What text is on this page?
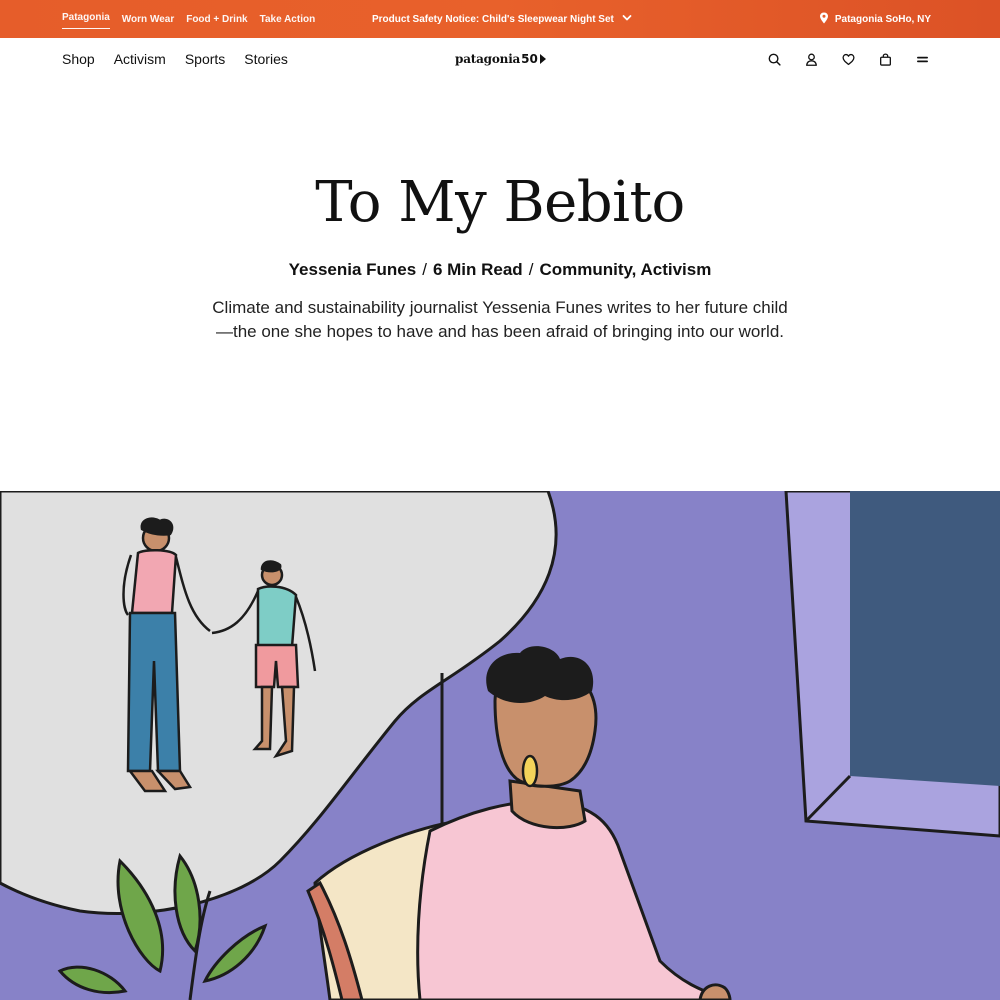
Patagonia Worn Wear Food + Drink Take Action	Product Safety Notice: Child's Sleepwear Night Set	Patagonia SoHo, NY
Shop Activism Sports Stories	patagonia 50
To My Bebito
Yessenia Funes / 6 Min Read / Community, Activism

Climate and sustainability journalist Yessenia Funes writes to her future child—the one she hopes to have and has been afraid of bringing into our world.
